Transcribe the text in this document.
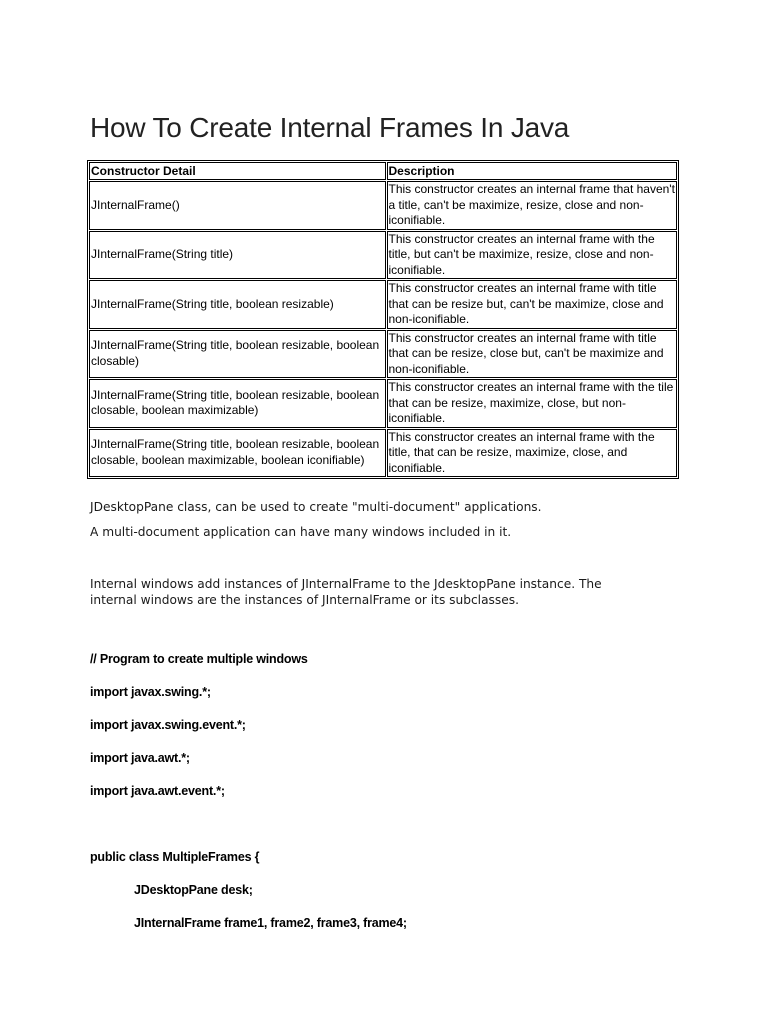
How To Create Internal Frames In Java
Constructor Detail	Description
JInternalFrame()	This constructor creates an internal frame that haven't a title, can't be maximize, resize, close and non-iconifiable.
JInternalFrame(String title)	This constructor creates an internal frame with the title, but can't be maximize, resize, close and non-iconifiable.
JInternalFrame(String title, boolean resizable)	This constructor creates an internal frame with title that can be resize but, can't be maximize, close and non-iconifiable.
JInternalFrame(String title, boolean resizable, boolean closable)	This constructor creates an internal frame with title that can be resize, close but, can't be maximize and non-iconifiable.
JInternalFrame(String title, boolean resizable, boolean closable, boolean maximizable)	This constructor creates an internal frame with the tile that can be resize, maximize, close, but non-iconifiable.
JInternalFrame(String title, boolean resizable, boolean closable, boolean maximizable, boolean iconifiable)	This constructor creates an internal frame with the title, that can be resize, maximize, close, and iconifiable.

JDesktopPane class, can be used to create "multi-document" applications.

A multi-document application can have many windows included in it.

Internal windows add instances of JInternalFrame to the JdesktopPane instance. The internal windows are the instances of JInternalFrame or its subclasses.

// Program to create multiple windows

import javax.swing.*;

import javax.swing.event.*;

import java.awt.*;

import java.awt.event.*;

public class MultipleFrames {

JDesktopPane desk;

JInternalFrame frame1, frame2, frame3, frame4;
